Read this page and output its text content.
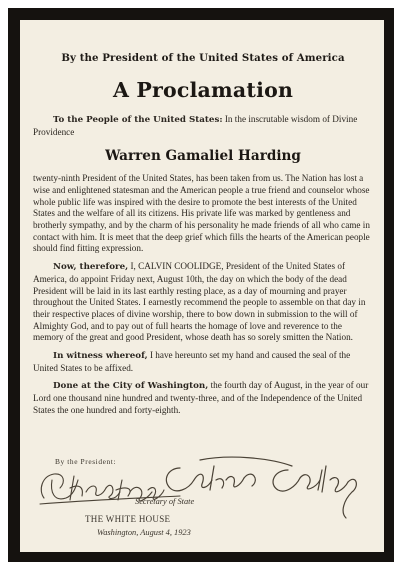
By the President of the United States of America

A Proclamation

To the People of the United States: In the inscrutable wisdom of Divine Providence

Warren Gamaliel Harding

twenty-ninth President of the United States, has been taken from us. The Nation has lost a wise and enlightened statesman and the American people a true friend and counselor whose whole public life was inspired with the desire to promote the best interests of the United States and the welfare of all its citizens. His private life was marked by gentleness and brotherly sympathy, and by the charm of his personality he made friends of all who came in contact with him. It is meet that the deep grief which fills the hearts of the American people should find fitting expression.

Now, therefore, I, CALVIN COOLIDGE, President of the United States of America, do appoint Friday next, August 10th, the day on which the body of the dead President will be laid in its last earthly resting place, as a day of mourning and prayer throughout the United States. I earnestly recommend the people to assemble on that day in their respective places of divine worship, there to bow down in submission to the will of Almighty God, and to pay out of full hearts the homage of love and reverence to the memory of the great and good President, whose death has so sorely smitten the Nation.

In witness whereof, I have hereunto set my hand and caused the seal of the United States to be affixed.

Done at the City of Washington, the fourth day of August, in the year of our Lord one thousand nine hundred and twenty-three, and of the Independence of the United States the one hundred and forty-eighth.

By the President:
Secretary of State
THE WHITE HOUSE
Washington, August 4, 1923
